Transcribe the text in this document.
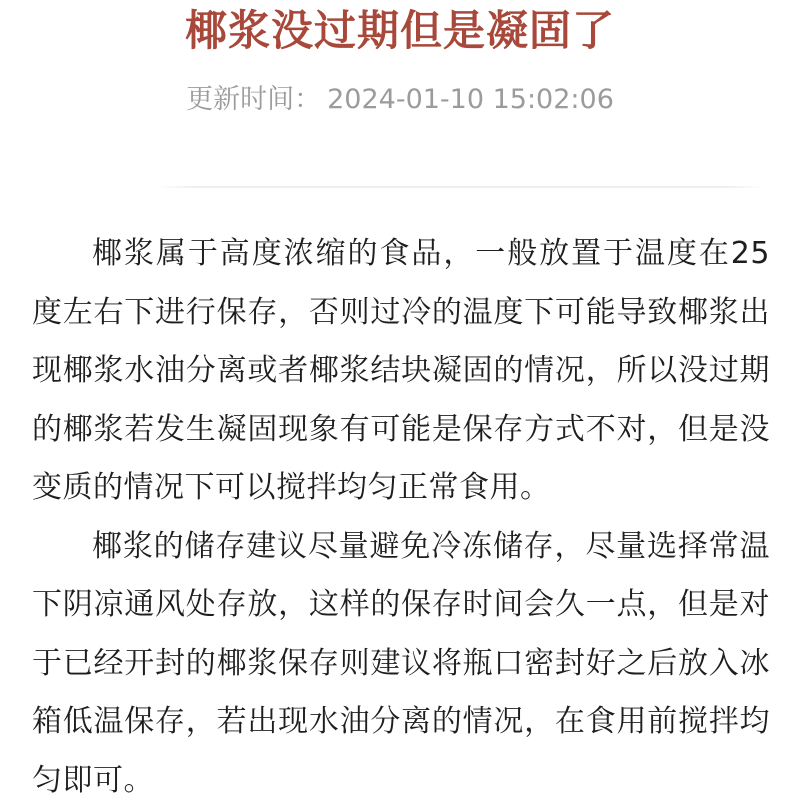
椰浆没过期但是凝固了
更新时间： 2024-01-10 15:02:06

椰浆属于高度浓缩的食品，一般放置于温度在25度左右下进行保存，否则过冷的温度下可能导致椰浆出现椰浆水油分离或者椰浆结块凝固的情况，所以没过期的椰浆若发生凝固现象有可能是保存方式不对，但是没变质的情况下可以搅拌均匀正常食用。

椰浆的储存建议尽量避免冷冻储存，尽量选择常温下阴凉通风处存放，这样的保存时间会久一点，但是对于已经开封的椰浆保存则建议将瓶口密封好之后放入冰箱低温保存，若出现水油分离的情况，在食用前搅拌均匀即可。
